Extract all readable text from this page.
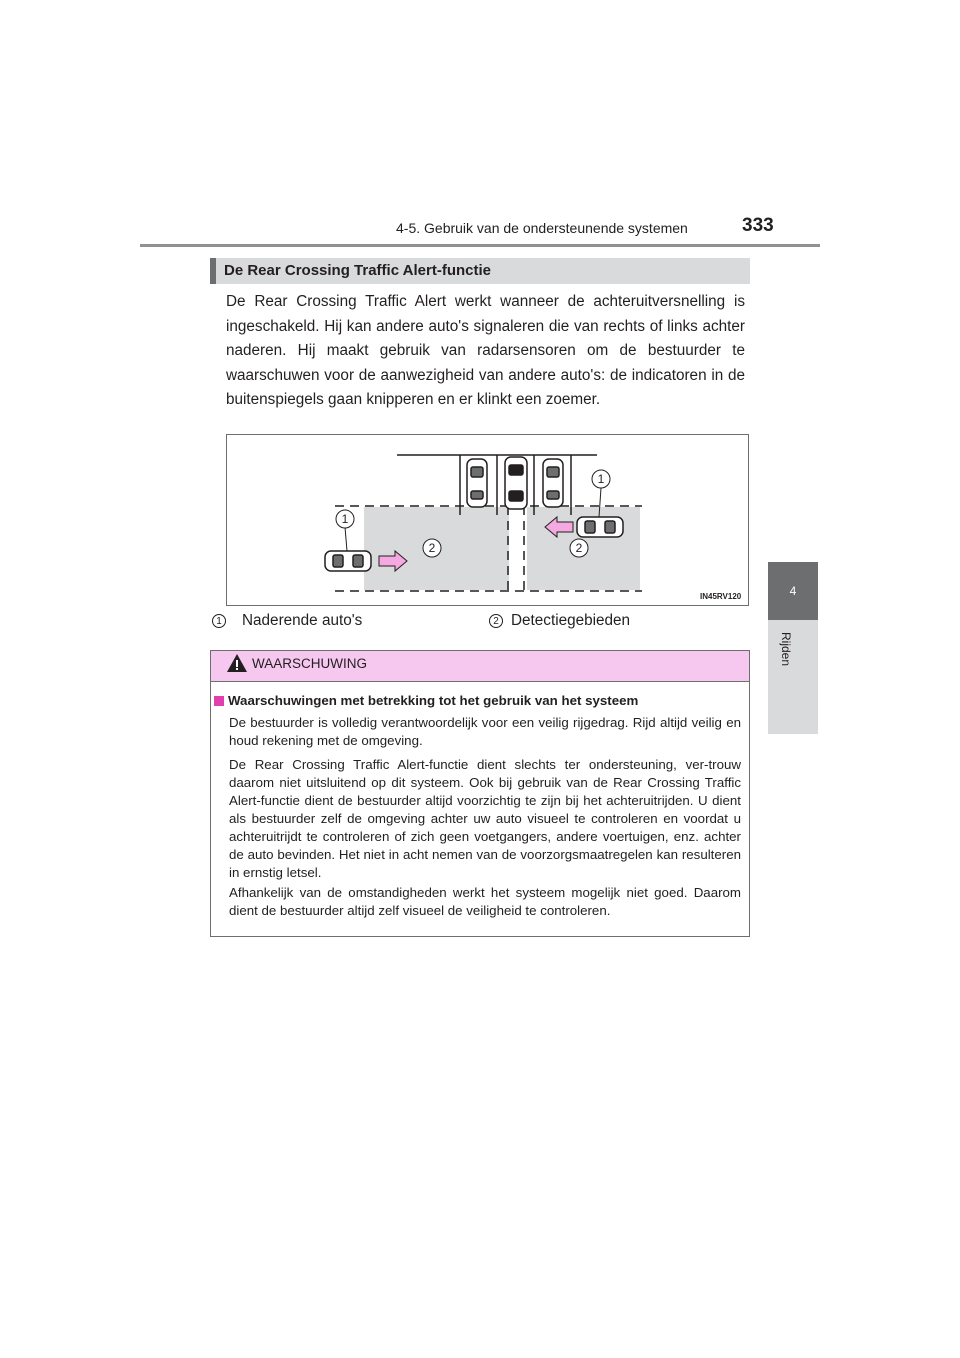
4-5. Gebruik van de ondersteunende systemen	333
4
Rijden
De Rear Crossing Traffic Alert-functie
De Rear Crossing Traffic Alert werkt wanneer de achteruitversnelling is ingeschakeld. Hij kan andere auto's signaleren die van rechts of links achter naderen. Hij maakt gebruik van radarsensoren om de bestuurder te waarschuwen voor de aanwezigheid van andere auto's: de indicatoren in de buitenspiegels gaan knipperen en er klinkt een zoemer.
1
1
2	2
IN45RV120
1 Naderende auto's	2 Detectiegebieden
WAARSCHUWING
Waarschuwingen met betrekking tot het gebruik van het systeem
De bestuurder is volledig verantwoordelijk voor een veilig rijgedrag. Rijd altijd veilig en houd rekening met de omgeving.
De Rear Crossing Traffic Alert-functie dient slechts ter ondersteuning, ver-trouw daarom niet uitsluitend op dit systeem. Ook bij gebruik van de Rear Crossing Traffic Alert-functie dient de bestuurder altijd voorzichtig te zijn bij het achteruitrijden. U dient als bestuurder zelf de omgeving achter uw auto visueel te controleren en voordat u achteruitrijdt te controleren of zich geen voetgangers, andere voertuigen, enz. achter de auto bevinden. Het niet in acht nemen van de voorzorgsmaatregelen kan resulteren in ernstig letsel.
Afhankelijk van de omstandigheden werkt het systeem mogelijk niet goed. Daarom dient de bestuurder altijd zelf visueel de veiligheid te controleren.
